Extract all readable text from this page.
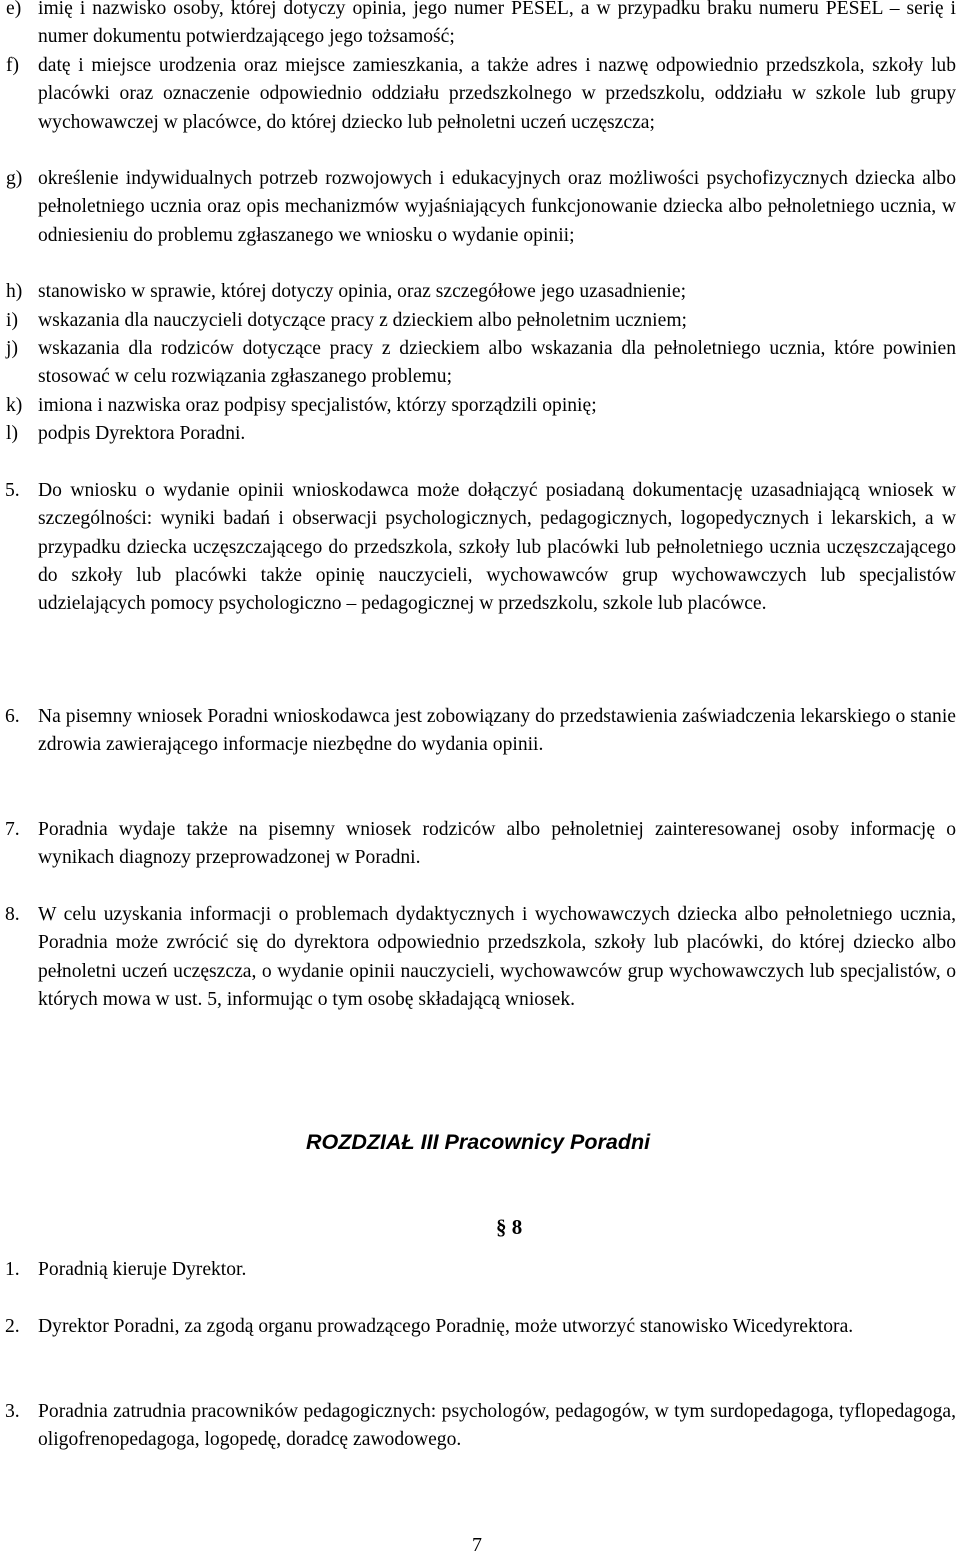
e) imię i nazwisko osoby, której dotyczy opinia, jego numer PESEL, a w przypadku braku numeru PESEL – serię i numer dokumentu potwierdzającego jego tożsamość;
f) datę i miejsce urodzenia oraz miejsce zamieszkania, a także adres i nazwę odpowiednio przedszkola, szkoły lub placówki oraz oznaczenie odpowiednio oddziału przedszkolnego w przedszkolu, oddziału w szkole lub grupy wychowawczej w placówce, do której dziecko lub pełnoletni uczeń uczęszcza;
g) określenie indywidualnych potrzeb rozwojowych i edukacyjnych oraz możliwości psychofizycznych dziecka albo pełnoletniego ucznia oraz opis mechanizmów wyjaśniających funkcjonowanie dziecka albo pełnoletniego ucznia, w odniesieniu do problemu zgłaszanego we wniosku o wydanie opinii;
h) stanowisko w sprawie, której dotyczy opinia, oraz szczegółowe jego uzasadnienie;
i) wskazania dla nauczycieli dotyczące pracy z dzieckiem albo pełnoletnim uczniem;
j) wskazania dla rodziców dotyczące pracy z dzieckiem albo wskazania dla pełnoletniego ucznia, które powinien stosować w celu rozwiązania zgłaszanego problemu;
k) imiona i nazwiska oraz podpisy specjalistów, którzy sporządzili opinię;
l) podpis Dyrektora Poradni.
5. Do wniosku o wydanie opinii wnioskodawca może dołączyć posiadaną dokumentację uzasadniającą wniosek w szczególności: wyniki badań i obserwacji psychologicznych, pedagogicznych, logopedycznych i lekarskich, a w przypadku dziecka uczęszczającego do przedszkola, szkoły lub placówki lub pełnoletniego ucznia uczęszczającego do szkoły lub placówki także opinię nauczycieli, wychowawców grup wychowawczych lub specjalistów udzielających pomocy psychologiczno – pedagogicznej w przedszkolu, szkole lub placówce.
6. Na pisemny wniosek Poradni wnioskodawca jest zobowiązany do przedstawienia zaświadczenia lekarskiego o stanie zdrowia zawierającego informacje niezbędne do wydania opinii.
7. Poradnia wydaje także na pisemny wniosek rodziców albo pełnoletniej zainteresowanej osoby informację o wynikach diagnozy przeprowadzonej w Poradni.
8. W celu uzyskania informacji o problemach dydaktycznych i wychowawczych dziecka albo pełnoletniego ucznia, Poradnia może zwrócić się do dyrektora odpowiednio przedszkola, szkoły lub placówki, do której dziecko albo pełnoletni uczeń uczęszcza, o wydanie opinii nauczycieli, wychowawców grup wychowawczych lub specjalistów, o których mowa w ust. 5, informując o tym osobę składającą wniosek.
ROZDZIAŁ III Pracownicy Poradni
§ 8
1. Poradnią kieruje Dyrektor.
2. Dyrektor Poradni, za zgodą organu prowadzącego Poradnię, może utworzyć stanowisko Wicedyrektora.
3. Poradnia zatrudnia pracowników pedagogicznych: psychologów, pedagogów, w tym surdopedagoga, tyflopedagoga, oligofrenopedagoga, logopedę, doradcę zawodowego.
7
